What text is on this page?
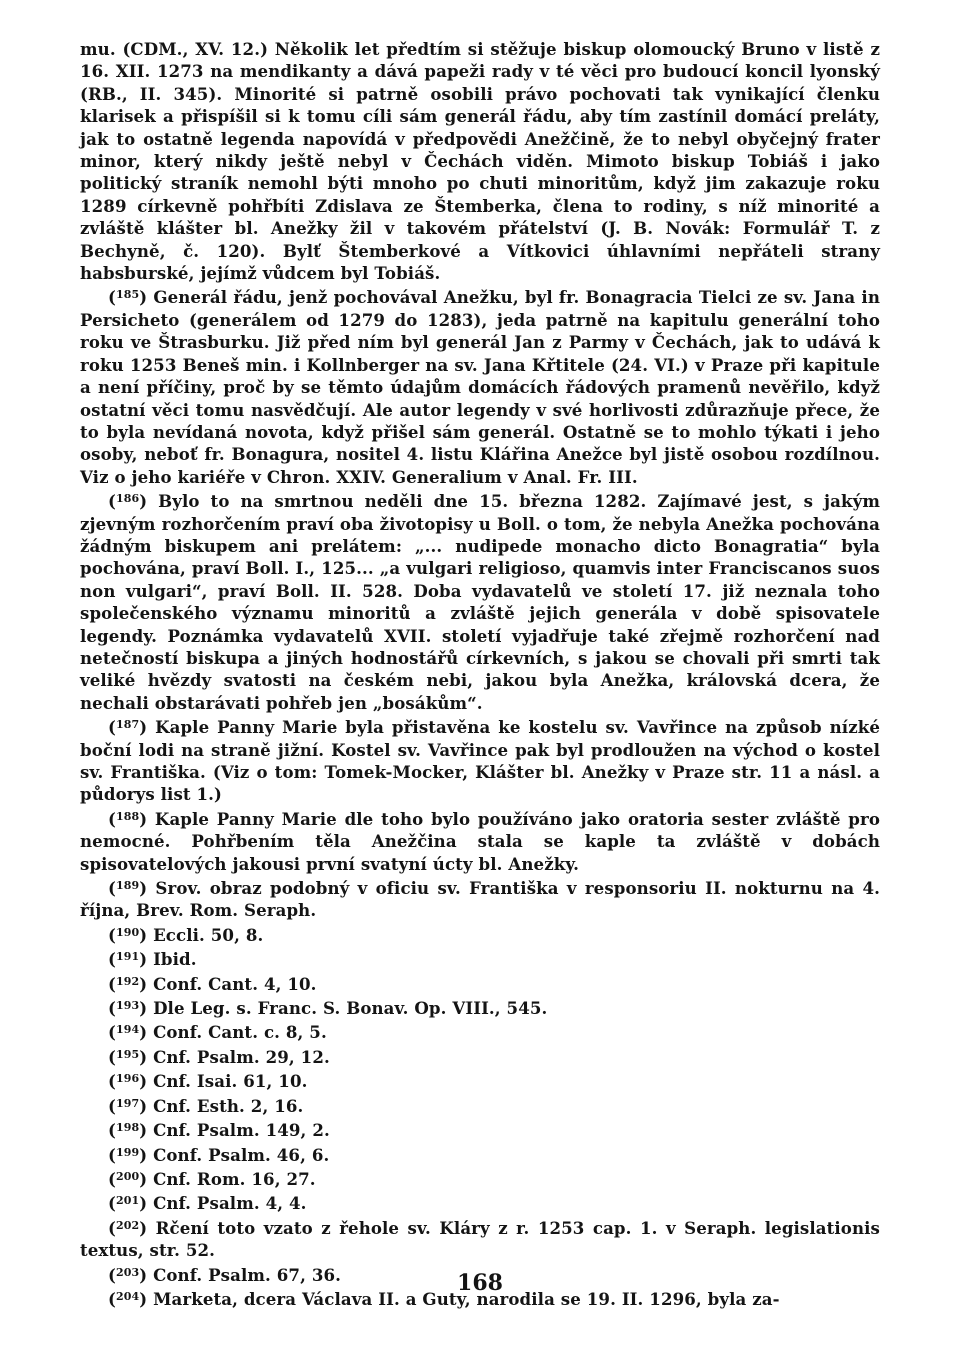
mu. (CDM., XV. 12.) Několik let předtím si stěžuje biskup olomoucký Bruno v listě z 16. XII. 1273 na mendikanty a dává papeži rady v té věci pro budoucí koncil lyonský (RB., II. 345). Minorité si patrně osobili právo pochovati tak vynikající členku klarisek a přispíšil si k tomu cíli sám generál řádu, aby tím zastínil domácí preláty, jak to ostatně legenda napovídá v předpovědi Anežčině, že to nebyl obyčejný frater minor, který nikdy ještě nebyl v Čechách viděn. Mimoto biskup Tobiáš i jako politický straník nemohl býti mnoho po chuti minoritům, když jim zakazuje roku 1289 církevně pohřbíti Zdislava ze Štemberka, člena to rodiny, s níž minorité a zvláště klášter bl. Anežky žil v takovém přátelství (J. B. Novák: Formulář T. z Bechyně, č. 120). Bylť Štemberkové a Vítkovici úhlavními nepřáteli strany habsburské, jejímž vůdcem byl Tobiáš.

($^{185}$) Generál řádu, jenž pochovával Anežku, byl fr. Bonagracia Tielci ze sv. Jana in Persicheto (generálem od 1279 do 1283), jeda patrně na kapitulu generální toho roku ve Štrasburku. Již před ním byl generál Jan z Parmy v Čechách, jak to udává k roku 1253 Beneš min. i Kollnberger na sv. Jana Křtitele (24. VI.) v Praze při kapitule a není příčiny, proč by se těmto údajům domácích řádových pramenů nevěřilo, když ostatní věci tomu nasvědčují. Ale autor legendy v své horlivosti zdůrazňuje přece, že to byla nevídaná novota, když přišel sám generál. Ostatně se to mohlo týkati i jeho osoby, neboť fr. Bonagura, nositel 4. listu Klářina Anežce byl jistě osobou rozdílnou. Viz o jeho kariéře v Chron. XXIV. Generalium v Anal. Fr. III.

($^{186}$) Bylo to na smrtnou neděli dne 15. března 1282. Zajímavé jest, s jakým zjevným rozhorčením praví oba životopisy u Boll. o tom, že nebyla Anežka pochována žádným biskupem ani prelátem: „... nudipede monacho dicto Bonagratia“ byla pochována, praví Boll. I., 125... „a vulgari religioso, quamvis inter Franciscanos suos non vulgari“, praví Boll. II. 528. Doba vydavatelů ve století 17. již neznala toho společenského významu minoritů a zvláště jejich generála v době spisovatele legendy. Poznámka vydavatelů XVII. století vyjadřuje také zřejmě rozhorčení nad netečností biskupa a jiných hodnostářů církevních, s jakou se chovali při smrti tak veliké hvězdy svatosti na českém nebi, jakou byla Anežka, královská dcera, že nechali obstarávati pohřeb jen „bosákům“.

($^{187}$) Kaple Panny Marie byla přistavěna ke kostelu sv. Vavřince na způsob nízké boční lodi na straně jižní. Kostel sv. Vavřince pak byl prodloužen na východ o kostel sv. Františka. (Viz o tom: Tomek-Mocker, Klášter bl. Anežky v Praze str. 11 a násl. a půdorys list 1.)

($^{188}$) Kaple Panny Marie dle toho bylo používáno jako oratoria sester zvláště pro nemocné. Pohřbením těla Anežčina stala se kaple ta zvláště v dobách spisovatelových jakousi první svatyní úcty bl. Anežky.

($^{189}$) Srov. obraz podobný v oficiu sv. Františka v responsoriu II. nokturnu na 4. října, Brev. Rom. Seraph.

($^{190}$) Eccli. 50, 8.

($^{191}$) Ibid.

($^{192}$) Conf. Cant. 4, 10.

($^{193}$) Dle Leg. s. Franc. S. Bonav. Op. VIII., 545.

($^{194}$) Conf. Cant. c. 8, 5.

($^{195}$) Cnf. Psalm. 29, 12.

($^{196}$) Cnf. Isai. 61, 10.

($^{197}$) Cnf. Esth. 2, 16.

($^{198}$) Cnf. Psalm. 149, 2.

($^{199}$) Conf. Psalm. 46, 6.

($^{200}$) Cnf. Rom. 16, 27.

($^{201}$) Cnf. Psalm. 4, 4.

($^{202}$) Rčení toto vzato z řehole sv. Kláry z r. 1253 cap. 1. v Seraph. legislationis textus, str. 52.

($^{203}$) Conf. Psalm. 67, 36.

($^{204}$) Marketa, dcera Václava II. a Guty, narodila se 19. II. 1296, byla za-

168
